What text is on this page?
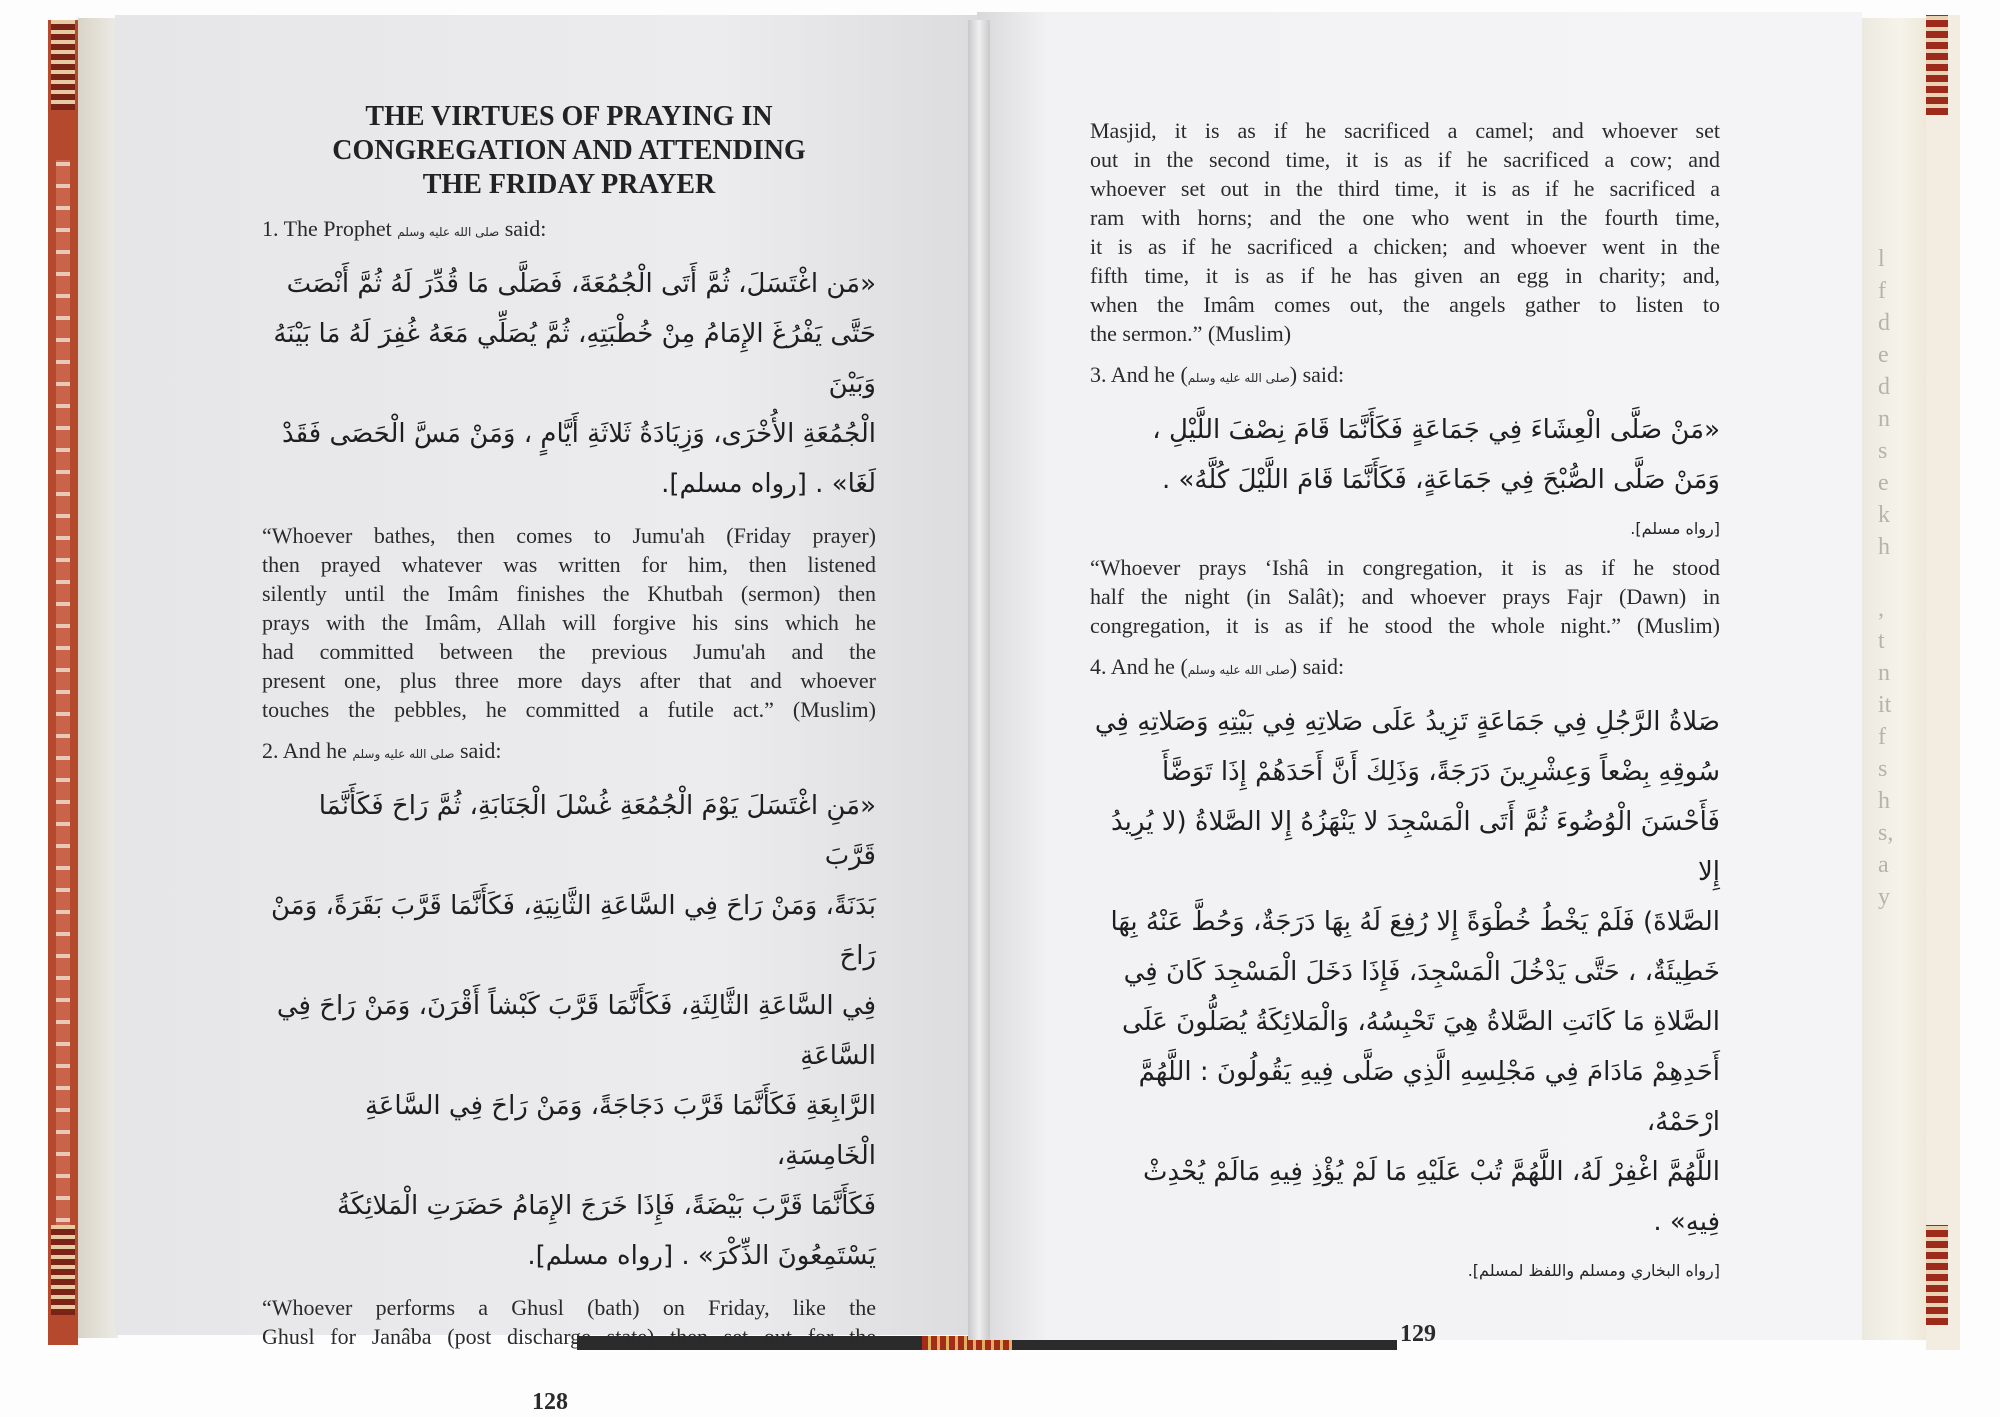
l
f
d
e
d
n
s
e
k
h
,
t
n
it
f
s
h
s,
a
y
THE VIRTUES OF PRAYING IN
CONGREGATION AND ATTENDING
THE FRIDAY PRAYER
1. The Prophet صلى الله عليه وسلم said:
«مَن اغْتَسَلَ، ثُمَّ أَتَى الْجُمُعَةَ، فَصَلَّى مَا قُدِّرَ لَهُ ثُمَّ أَنْصَتَ
حَتَّى يَفْرُغَ الإِمَامُ مِنْ خُطْبَتِهِ، ثُمَّ يُصَلِّي مَعَهُ غُفِرَ لَهُ مَا بَيْنَهُ وَبَيْنَ
الْجُمُعَةِ الأُخْرَى، وَزِيَادَةُ ثَلاثَةِ أَيَّامٍ ، وَمَنْ مَسَّ الْحَصَى فَقَدْ
لَغَا» . [رواه مسلم].
“Whoever bathes, then comes to Jumu'ah (Friday prayer)
then prayed whatever was written for him, then listened
silently until the Imâm finishes the Khutbah (sermon) then
prays with the Imâm, Allah will forgive his sins which he
had committed between the previous Jumu'ah and the
present one, plus three more days after that and whoever
touches the pebbles, he committed a futile act.” (Muslim)
2. And he صلى الله عليه وسلم said:
«مَنِ اغْتَسَلَ يَوْمَ الْجُمُعَةِ غُسْلَ الْجَنَابَةِ، ثُمَّ رَاحَ فَكَأَنَّمَا قَرَّبَ
بَدَنَةً، وَمَنْ رَاحَ فِي السَّاعَةِ الثَّانِيَةِ، فَكَأَنَّمَا قَرَّبَ بَقَرَةً، وَمَنْ رَاحَ
فِي السَّاعَةِ الثَّالِثَةِ، فَكَأَنَّمَا قَرَّبَ كَبْشاً أَقْرَنَ، وَمَنْ رَاحَ فِي السَّاعَةِ
الرَّابِعَةِ فَكَأَنَّمَا قَرَّبَ دَجَاجَةً، وَمَنْ رَاحَ فِي السَّاعَةِ الْخَامِسَةِ،
فَكَأَنَّمَا قَرَّبَ بَيْضَةً، فَإِذَا خَرَجَ الإِمَامُ حَضَرَتِ الْمَلائِكَةُ
يَسْتَمِعُونَ الذِّكْرَ» . [رواه مسلم].
“Whoever performs a Ghusl (bath) on Friday, like the
Ghusl for Janâba (post discharge state) then set out for the
128
Masjid, it is as if he sacrificed a camel; and whoever set
out in the second time, it is as if he sacrificed a cow; and
whoever set out in the third time, it is as if he sacrificed a
ram with horns; and the one who went in the fourth time,
it is as if he sacrificed a chicken; and whoever went in the
fifth time, it is as if he has given an egg in charity; and,
when the Imâm comes out, the angels gather to listen to
the sermon.” (Muslim)
3. And he (صلى الله عليه وسلم) said:
«مَنْ صَلَّى الْعِشَاءَ فِي جَمَاعَةٍ فَكَأَنَّمَا قَامَ نِصْفَ اللَّيْلِ ،
وَمَنْ صَلَّى الصُّبْحَ فِي جَمَاعَةٍ، فَكَأَنَّمَا قَامَ اللَّيْلَ كُلَّهُ» .
[رواه مسلم].
“Whoever prays ‘Ishâ in congregation, it is as if he stood
half the night (in Salât); and whoever prays Fajr (Dawn) in
congregation, it is as if he stood the whole night.” (Muslim)
4. And he (صلى الله عليه وسلم) said:
صَلاةُ الرَّجُلِ فِي جَمَاعَةٍ تَزِيدُ عَلَى صَلاتِهِ فِي بَيْتِهِ وَصَلاتِهِ فِي
سُوقِهِ بِضْعاً وَعِشْرِينَ دَرَجَةً، وَذَلِكَ أَنَّ أَحَدَهُمْ إِذَا تَوَضَّأَ
فَأَحْسَنَ الْوُضُوءَ ثُمَّ أَتَى الْمَسْجِدَ لا يَنْهَزُهُ إِلا الصَّلاةُ (لا يُرِيدُ إِلا
الصَّلاةَ) فَلَمْ يَخْطُ خُطْوَةً إِلا رُفِعَ لَهُ بِهَا دَرَجَةٌ، وَحُطَّ عَنْهُ بِهَا
خَطِيئَةٌ، ، حَتَّى يَدْخُلَ الْمَسْجِدَ، فَإِذَا دَخَلَ الْمَسْجِدَ كَانَ فِي
الصَّلاةِ مَا كَانَتِ الصَّلاةُ هِيَ تَحْبِسُهُ، وَالْمَلائِكَةُ يُصَلُّونَ عَلَى
أَحَدِهِمْ مَادَامَ فِي مَجْلِسِهِ الَّذِي صَلَّى فِيهِ يَقُولُونَ : اللَّهُمَّ ارْحَمْهُ،
اللَّهُمَّ اغْفِرْ لَهُ، اللَّهُمَّ تُبْ عَلَيْهِ مَا لَمْ يُؤْذِ فِيهِ مَالَمْ يُحْدِثْ فِيهِ» .
[رواه البخاري ومسلم واللفظ لمسلم].
129
